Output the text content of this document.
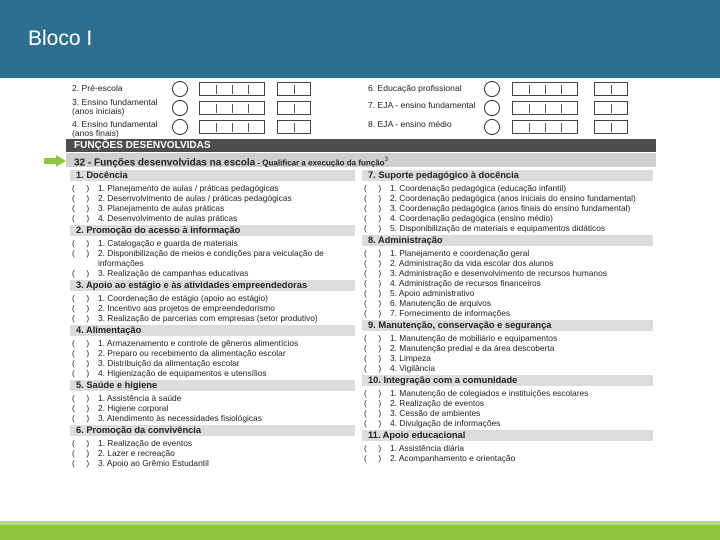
Bloco I
2. Pré-escola
3. Ensino fundamental
(anos iniciais)
4. Ensino fundamental
(anos finais)
6. Educação profissional
7. EJA - ensino fundamental
8. EJA - ensino médio
FUNÇÕES DESENVOLVIDAS
32 - Funções desenvolvidas na escola - Qualificar a execução da função$^3$
1. Docência
(     )	1. Planejamento de aulas / práticas pedagógicas
(     )	2. Desenvolvimento de aulas / práticas pedagógicas
(     )	3. Planejamento de aulas práticas
(     )	4. Desenvolvimento de aulas práticas
2. Promoção do acesso à informação
(     )	1. Catalogação e guarda de materiais
(     )	2. Disponibilização de meios e condições para veiculação de informações
(     )	3. Realização de campanhas educativas
3. Apoio ao estágio e às atividades empreendedoras
(     )	1. Coordenação de estágio (apoio ao estágio)
(     )	2. Incentivo aos projetos de empreendedorismo
(     )	3. Realização de parcerias com empresas (setor produtivo)
4. Alimentação
(     )	1. Armazenamento e controle de gêneros alimentícios
(     )	2. Preparo ou recebimento da alimentação escolar
(     )	3. Distribuição da alimentação escolar
(     )	4. Higienização de equipamentos e utensílios
5. Saúde e higiene
(     )	1. Assistência à saúde
(     )	2. Higiene corporal
(     )	3. Atendimento às necessidades fisiológicas
6. Promoção da convivência
(     )	1. Realização de eventos
(     )	2. Lazer e recreação
(     )	3. Apoio ao Grêmio Estudantil
7. Suporte pedagógico à docência
(     )	1. Coordenação pedagógica (educação infantil)
(     )	2. Coordenação pedagógica (anos iniciais do ensino fundamental)
(     )	3. Coordenação pedagógica (anos finais do ensino fundamental)
(     )	4. Coordenação pedagógica (ensino médio)
(     )	5. Disponibilização de materiais e equipamentos didáticos
8. Administração
(     )	1. Planejamento e coordenação geral
(     )	2. Administração da vida escolar dos alunos
(     )	3. Administração e desenvolvimento de recursos humanos
(     )	4. Administração de recursos financeiros
(     )	5. Apoio administrativo
(     )	6. Manutenção de arquivos
(     )	7. Fornecimento de informações
9. Manutenção, conservação e segurança
(     )	1. Manutenção de mobiliário e equipamentos
(     )	2. Manutenção predial e da área descoberta
(     )	3. Limpeza
(     )	4. Vigilância
10. Integração com a comunidade
(     )	1. Manutenção de colegiados e instituições escolares
(     )	2. Realização de eventos
(     )	3. Cessão de ambientes
(     )	4. Divulgação de informações
11. Apoio educacional
(     )	1. Assistência diária
(     )	2. Acompanhamento e orientação
